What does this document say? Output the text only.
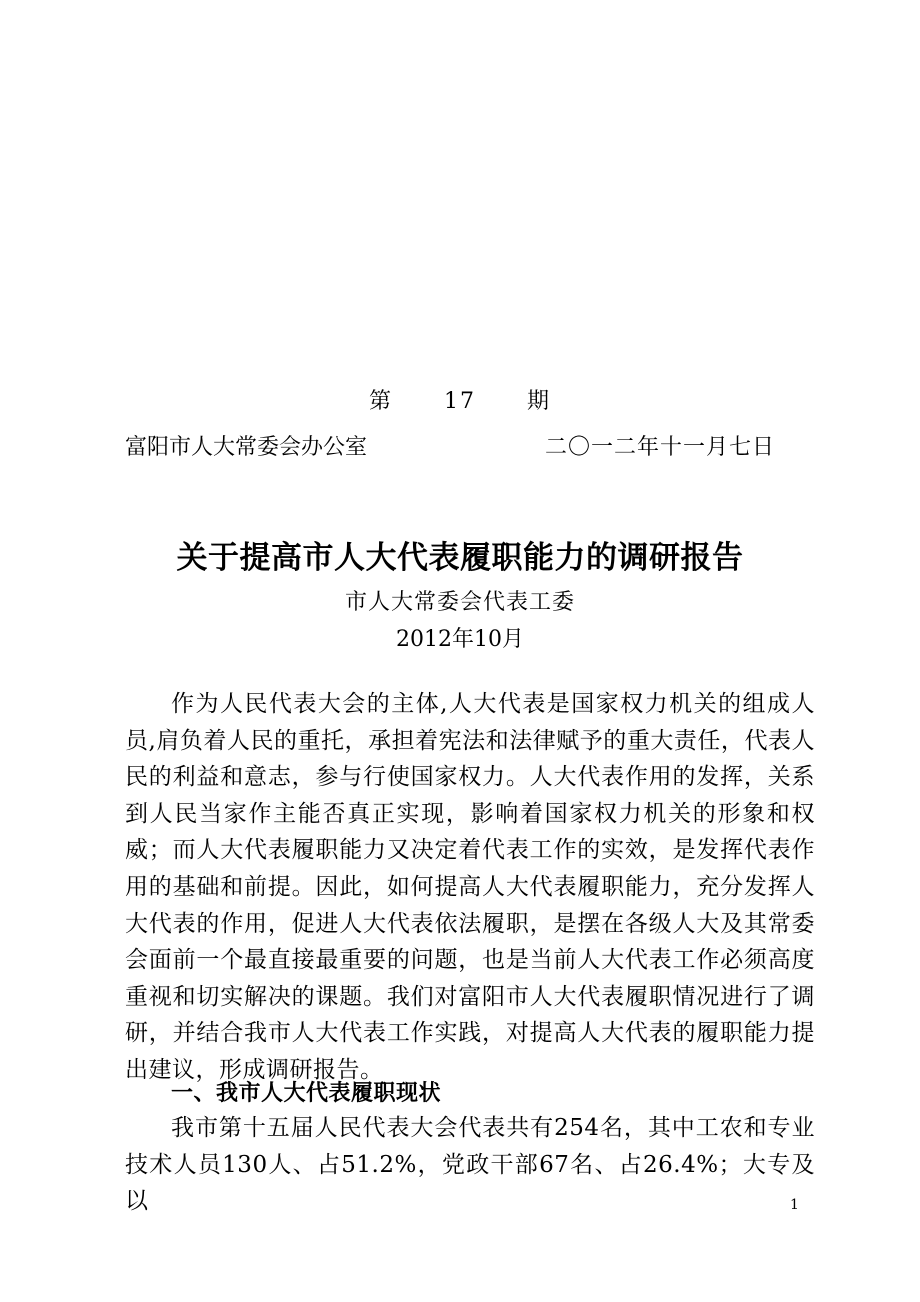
第 17 期
富阳市人大常委会办公室	二〇一二年十一月七日
关于提高市人大代表履职能力的调研报告
市人大常委会代表工委
2012年10月

作为人民代表大会的主体,人大代表是国家权力机关的组成人员,肩负着人民的重托，承担着宪法和法律赋予的重大责任，代表人民的利益和意志，参与行使国家权力。人大代表作用的发挥，关系到人民当家作主能否真正实现，影响着国家权力机关的形象和权威；而人大代表履职能力又决定着代表工作的实效，是发挥代表作用的基础和前提。因此，如何提高人大代表履职能力，充分发挥人大代表的作用，促进人大代表依法履职，是摆在各级人大及其常委会面前一个最直接最重要的问题，也是当前人大代表工作必须高度重视和切实解决的课题。我们对富阳市人大代表履职情况进行了调研，并结合我市人大代表工作实践，对提高人大代表的履职能力提出建议，形成调研报告。

一、我市人大代表履职现状

我市第十五届人民代表大会代表共有254名，其中工农和专业技术人员130人、占51.2%，党政干部67名、占26.4%；大专及以	1
